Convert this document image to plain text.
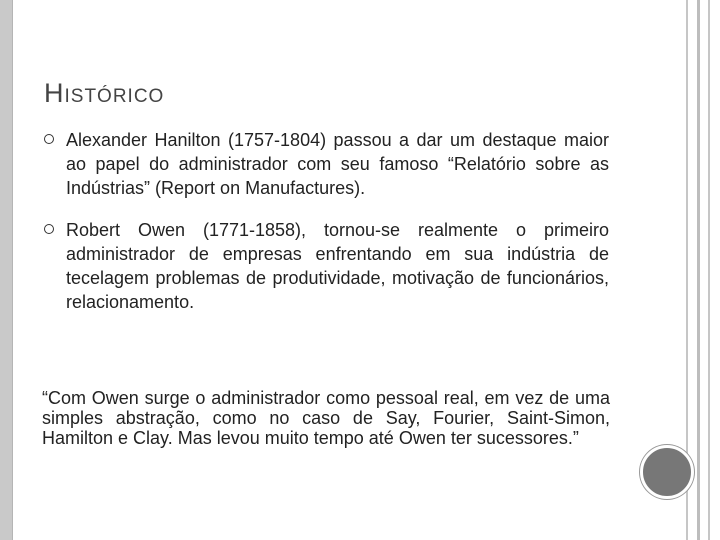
HISTÓRICO
Alexander Hanilton (1757-1804) passou a dar um destaque maior ao papel do administrador com seu famoso “Relatório sobre as Indústrias” (Report on Manufactures).
Robert Owen (1771-1858), tornou-se realmente o primeiro administrador de empresas enfrentando em sua indústria de tecelagem problemas de produtividade, motivação de funcionários, relacionamento.

“Com Owen surge o administrador como pessoal real, em vez de uma simples abstração, como no caso de Say, Fourier, Saint-Simon, Hamilton e Clay. Mas levou muito tempo até Owen ter sucessores.”
